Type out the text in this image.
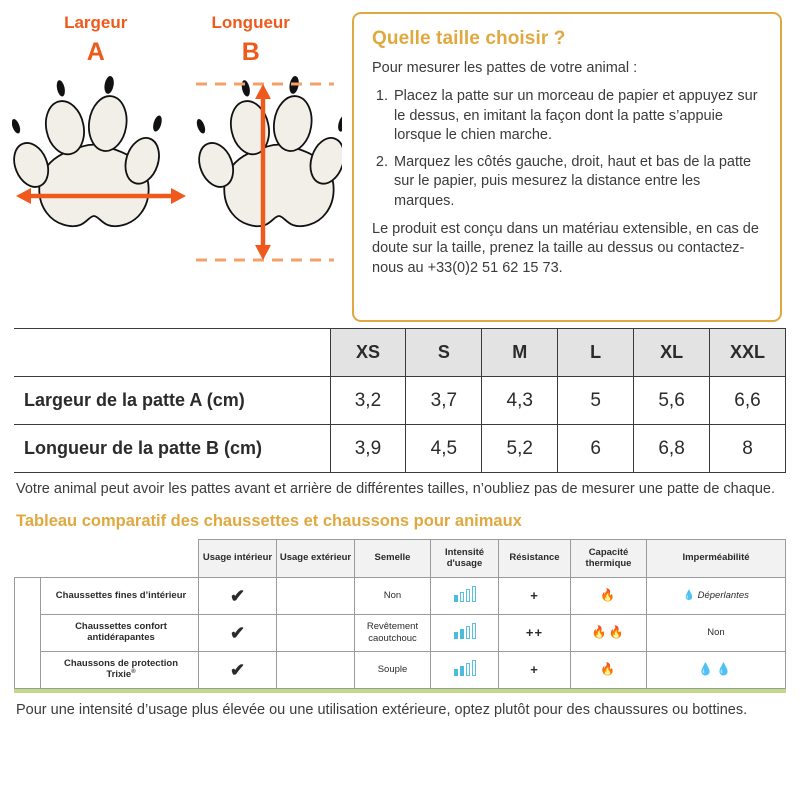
Largeur
A
Longueur
B	Quelle taille choisir ?

Pour mesurer les pattes de votre animal :

1. Placez la patte sur un morceau de papier et appuyez sur le dessus, en imitant la façon dont la patte s’appuie lorsque le chien marche.
2. Marquez les côtés gauche, droit, haut et bas de la patte sur le papier, puis mesurez la distance entre les marques.

Le produit est conçu dans un matériau extensible, en cas de doute sur la taille, prenez la taille au dessus ou contactez-nous au +33(0)2 51 62 15 73.

	XS	S	M	L	XL	XXL
Largeur de la patte A (cm)	3,2	3,7	4,3	5	5,6	6,6
Longueur de la patte B (cm)	3,9	4,5	5,2	6	6,8	8
Votre animal peut avoir les pattes avant et arrière de différentes tailles, n’oubliez pas de mesurer une patte de chaque.
Tableau comparatif des chaussettes et chaussons pour animaux
		Usage intérieur	Usage extérieur	Semelle	Intensité d'usage	Résistance	Capacité thermique	Imperméabilité

CHAUSSETTES	Chaussettes fines d’intérieur	✔		Non		+	🔥	💧 Déperlantes
	Chaussettes confort antidérapantes	✔		Revêtement caoutchouc		++	🔥🔥	Non
	Chaussons de protection Trixie®	✔		Souple		+	🔥	💧💧
Pour une intensité d’usage plus élevée ou une utilisation extérieure, optez plutôt pour des chaussures ou bottines.
